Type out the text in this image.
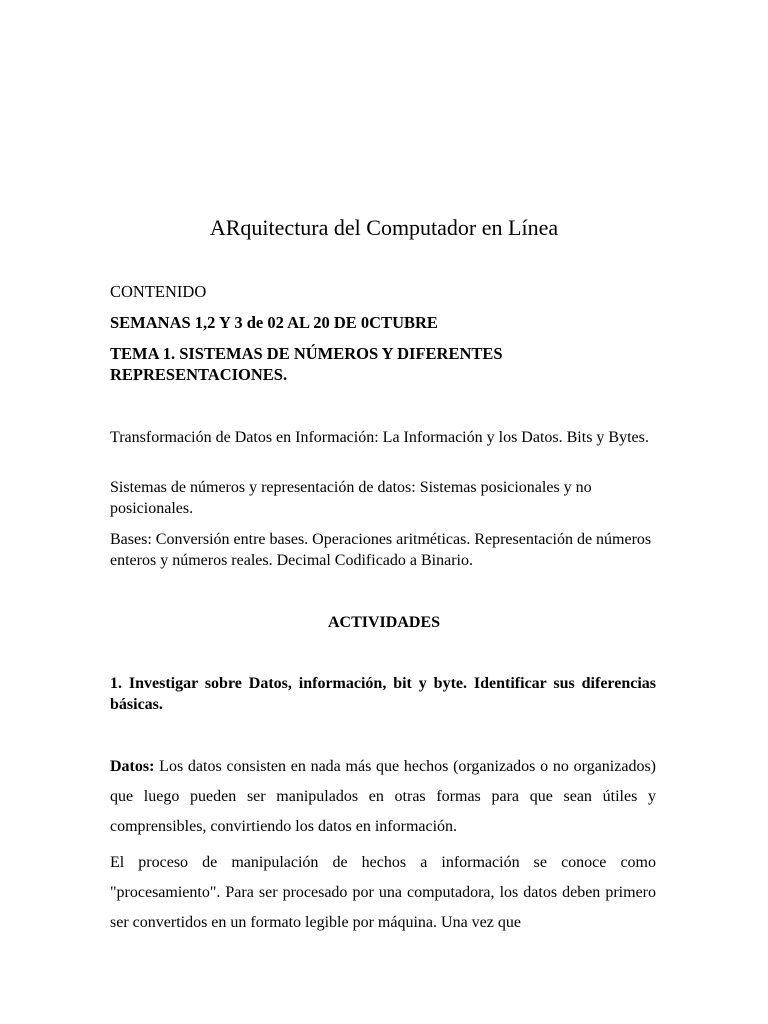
ARquitectura del Computador en Línea

CONTENIDO

SEMANAS 1,2 Y 3 de 02 AL 20 DE 0CTUBRE

TEMA 1. SISTEMAS DE NÚMEROS Y DIFERENTES REPRESENTACIONES.

Transformación de Datos en Información: La Información y los Datos. Bits y Bytes.

Sistemas de números y representación de datos: Sistemas posicionales y no posicionales.

Bases: Conversión entre bases. Operaciones aritméticas. Representación de números enteros y números reales. Decimal Codificado a Binario.

ACTIVIDADES

1. Investigar sobre Datos, información, bit y byte. Identificar sus diferencias básicas.

Datos: Los datos consisten en nada más que hechos (organizados o no organizados) que luego pueden ser manipulados en otras formas para que sean útiles y comprensibles, convirtiendo los datos en información.

El proceso de manipulación de hechos a información se conoce como "procesamiento". Para ser procesado por una computadora, los datos deben primero ser convertidos en un formato legible por máquina. Una vez que
